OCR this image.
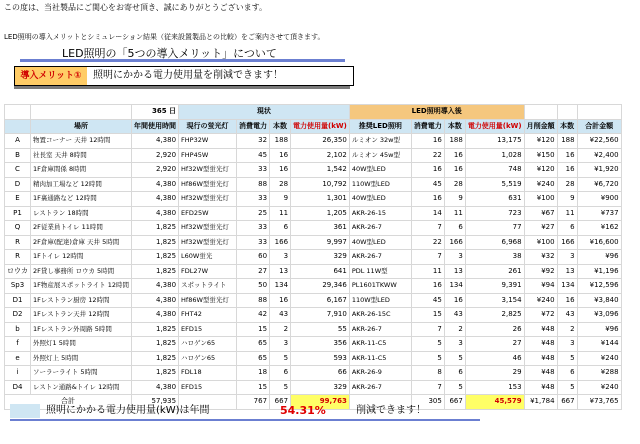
この度は、当社製品にご関心をお寄せ頂き、誠にありがとうございます。
LED照明の導入メリットとシミュレーション結果（従来設置製品との比較）をご案内させて頂きます。
LED照明の「5つの導入メリット」について
導入メリット①	照明にかかる電力使用量を削減できます！
		365 日	現状				LED照明導入後						
	場所	年間使用時間	現行の蛍光灯	消費電力	本数	電力使用量(kW)	推奨LED照明	消費電力	本数	電力使用量(kW)	月削金額	本数	合計金額
A	物置コーナー 天井 12時間	4,380	FHP32W	32	188	26,350	ルミオン 32w型	16	188	13,175	¥120	188	¥22,560
B	社長室 天井 8時間	2,920	FHP45W	45	16	2,102	ルミオン 45w型	22	16	1,028	¥150	16	¥2,400
C	1F倉庫間係 8時間	2,920	Hf32W型蛍光灯	33	16	1,542	40W型LED	16	16	748	¥120	16	¥1,920
D	精肉加工場など 12時間	4,380	Hf86W型蛍光灯	88	28	10,792	110W型LED	45	28	5,519	¥240	28	¥6,720
E	1F裏通路など 12時間	4,380	Hf32W型蛍光灯	33	9	1,301	40W型LED	16	9	631	¥100	9	¥900
P1	レストラン 18時間	4,380	EFD25W	25	11	1,205	AKR-26-15	14	11	723	¥67	11	¥737
Q	2F従業員トイレ 11時間	1,825	Hf32W型蛍光灯	33	6	361	AKR-26-7	7	6	77	¥27	6	¥162
R	2F倉庫(配達)倉庫 天井 5時間	1,825	Hf32W型蛍光灯	33	166	9,997	40W型LED	22	166	6,968	¥100	166	¥16,600
R	1Fトイレ 12時間	1,825	L60W蛍光	60	3	329	AKR-26-7	7	3	38	¥32	3	¥96
ロウカ	2F貸し事務所 ロウカ 5時間	1,825	FDL27W	27	13	641	PDL 11W型	11	13	261	¥92	13	¥1,196
Sp3	1F物産展スポットライト 12時間	4,380	スポットライト	50	134	29,346	PL1601TKWW	16	134	9,391	¥94	134	¥12,596
D1	1Fレストラン厨房 12時間	4,380	Hf86W型蛍光灯	88	16	6,167	110W型LED	45	16	3,154	¥240	16	¥3,840
D2	1Fレストラン天井 12時間	4,380	FHT42	42	43	7,910	AKR-26-15C	15	43	2,825	¥72	43	¥3,096
b	1Fレストラン外周路 5時間	1,825	EFD15	15	2	55	AKR-26-7	7	2	26	¥48	2	¥96
f	外照灯1 5時間	1,825	ハロゲン65	65	3	356	AKR-11-C5	5	3	27	¥48	3	¥144
e	外照灯上 5時間	1,825	ハロゲン65	65	5	593	AKR-11-C5	5	5	46	¥48	5	¥240
i	ソーラーライト 5時間	1,825	FDL18	18	6	66	AKR-26-9	8	6	29	¥48	6	¥288
D4	レストン通路&トイレ 12時間	4,380	EFD15	15	5	329	AKR-26-7	7	5	153	¥48	5	¥240
合計		57,935		767	667	99,763		305	667	45,579	¥1,784	667	¥73,765
照明にかかる電力使用量(kW)は年間	54.31%	削減できます！
